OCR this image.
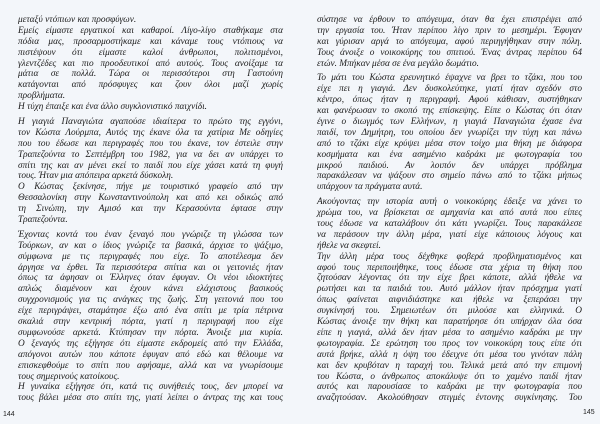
μεταξύ ντόπιων και προσφύγων.
Εμείς είμαστε εργατικοί και καθαροί. Λίγο-λίγο σταθήκαμε στα
πόδια μας, προσαρμοστήκαμε και κάναμε τους ντόπιους να
πιστέψουν ότι είμαστε καλοί άνθρωποι, πολιτισμένοι,
γλεντζέδες και πιο προοδευτικοί από αυτούς. Τους ανοίξαμε τα
μάτια σε πολλά. Τώρα οι περισσότεροι στη Γαστούνη
κατάγονται από πρόσφυγες και ζουν όλοι μαζί χωρίς
προβλήματα.
Η τύχη έπαιξε και ένα άλλο συγκλονιστικό παιχνίδι.
Η γιαγιά Παναγιώτα αγαπούσε ιδιαίτερα το πρώτο της εγγόνι,
τον Κώστα Λούρμπα, Αυτός της έκανε όλα τα χατίρια Με οδηγίες
που του έδωσε και περιγραφές που του έκανε, τον έστειλε στην
Τραπεζούντα το Σεπτέμβρη του 1982, για να δει αν υπάρχει το
σπίτι της και αν μένει εκεί το παιδί που είχε χάσει κατά τη φυγή
τους. Ήταν μια απόπειρα αρκετά δύσκολη.
Ο Κώστας ξεκίνησε, πήγε με τουριστικό γραφείο από την
Θεσσαλονίκη στην Κωνσταντινούπολη και από κει οδικώς από
τη Σινώπη, την Αμισό και την Κερασούντα έφτασε στην
Τραπεζούντα.
Έχοντας κοντά του έναν ξεναγό που γνώριζε τη γλώσσα των
Τούρκων, αν και ο ίδιος γνώριζε τα βασικά, άρχισε το ψάξιμο,
σύμφωνα με τις περιγραφές που είχε. Το αποτέλεσμα δεν
άργησε να έρθει. Τα περισσότερα σπίτια και οι γειτονιές ήταν
όπως τα άφησαν οι Έλληνες όταν έφυγαν. Οι νέοι ιδιοκτήτες
απλώς διαμένουν και έχουν κάνει ελάχιστους βασικούς
συγχρονισμούς για τις ανάγκες της ζωής. Στη γειτονιά που του
είχε περιγράψει, σταμάτησε έξω από ένα σπίτι με τρία πέτρινα
σκαλιά στην κεντρική πόρτα, γιατί η περιγραφή που είχε
συμφωνούσε αρκετά. Κτύπησαν την πόρτα. Άνοιξε μια κυρία.
Ο ξεναγός της εξήγησε ότι είμαστε εκδρομείς από την Ελλάδα,
απόγονοι αυτών που κάποτε έφυγαν από εδώ και θέλουμε να
επισκεφθούμε το σπίτι που αφήσαμε, αλλά και να γνωρίσουμε
τους σημερινούς κατοίκους.
Η γυναίκα εξήγησε ότι, κατά τις συνήθειές τους, δεν μπορεί να
τους βάλει μέσα στο σπίτι της, γιατί λείπει ο άντρας της και τους
σύστησε να έρθουν το απόγευμα, όταν θα έχει επιστρέψει από
την εργασία του. Ήταν περίπου λίγο πριν το μεσημέρι. Έφυγαν
και γύρισαν αργά το απόγευμα, αφού περιηγήθηκαν στην πόλη.
Τους άνοιξε ο νοικοκύρης του σπιτιού. Ένας άντρας περίπου 64
ετών. Μπήκαν μέσα σε ένα μεγάλο δωμάτιο.
Το μάτι του Κώστα ερευνητικό έψαχνε να βρει το τζάκι, που του
είχε πει η γιαγιά. Δεν δυσκολεύτηκε, γιατί ήταν σχεδόν στο
κέντρο, όπως ήταν η περιγραφή. Αφού κάθισαν, συστήθηκαν
και φανέρωσαν το σκοπό της επίσκεψης. Είπε ο Κώστας ότι όταν
έγινε ο διωγμός των Ελλήνων, η γιαγιά Παναγιώτα έχασε ένα
παιδί, τον Δημήτρη, του οποίου δεν γνωρίζει την τύχη και πάνω
από το τζάκι είχε κρύψει μέσα στον τοίχο μια θήκη με διάφορα
κοσμήματα και ένα ασημένιο καδράκι με φωτογραφία του
μικρού παιδιού. Αν λοιπόν δεν υπάρχει πρόβλημα
παρακάλεσαν να ψάξουν στο σημείο πάνω από το τζάκι μήπως
υπάρχουν τα πράγματα αυτά.
Ακούγοντας την ιστορία αυτή ο νοικοκύρης έδειξε να χάνει το
χρώμα του, να βρίσκεται σε αμηχανία και από αυτά που είπες
τους έδωσε να καταλάβουν ότι κάτι γνωρίζει. Τους παρακάλεσε
να περάσουν την άλλη μέρα, γιατί είχε κάποιους λόγους και
ήθελε να σκεφτεί.
Την άλλη μέρα τους δέχθηκε φοβερά προβληματισμένος και
αφού τους περιποιήθηκε, τους έδωσε στα χέρια τη θήκη που
ζητούσαν λέγοντας ότι την είχε βρει κάποτε, αλλά ήθελε να
ρωτήσει και τα παιδιά του. Αυτό μάλλον ήταν πρόσχημα γιατί
όπως φαίνεται αιφνιδιάστηκε και ήθελε να ξεπεράσει την
συγκίνησή του. Σημειωτέων ότι μιλούσε και ελληνικά. Ο
Κώστας άνοιξε την θήκη και παρατήρησε ότι υπήρχαν όλα όσα
είπε η γιαγιά, αλλά δεν ήταν μέσα το ασημένιο καδράκι με την
φωτογραφία. Σε ερώτηση του προς τον νοικοκύρη τους είπε ότι
αυτά βρήκε, αλλά η όψη του έδειχνε ότι μέσα του γινόταν πάλη
και δεν κρυβόταν η ταραχή του. Τελικά μετά από την επιμονή
του Κώστα, ο άνθρωπος αποκάλυψε ότι το χαμένο παιδί ήταν
αυτός και παρουσίασε το καδράκι με την φωτογραφία που
αναζητούσαν. Ακολούθησαν στιγμές έντονης συγκίνησης. Του
144	145
